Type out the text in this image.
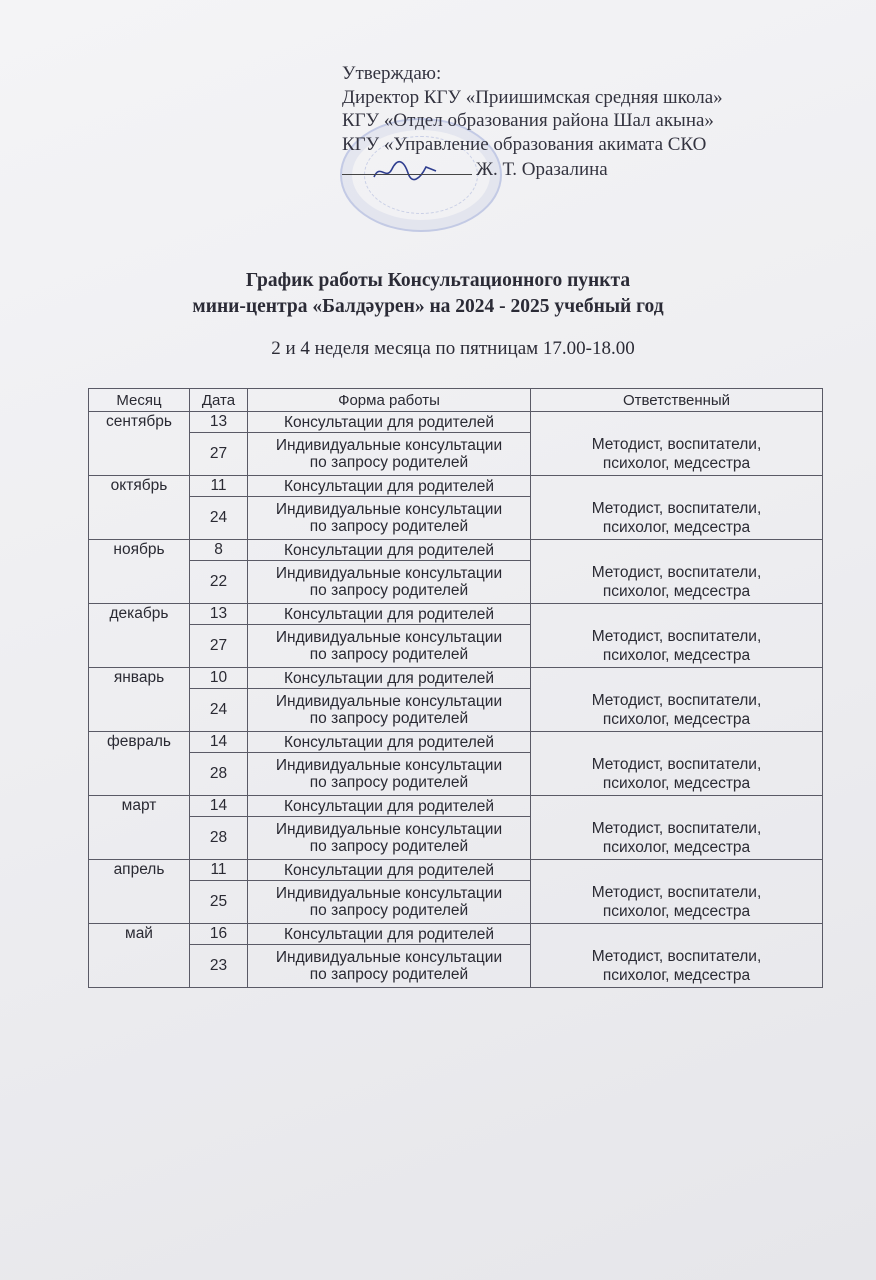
Утверждаю:
Директор КГУ «Приишимская средняя школа»
КГУ «Отдел образования района Шал акына»
КГУ «Управление образования акимата СКО
Ж. Т. Оразалина
График работы Консультационного пункта
мини-центра «Балдәурен» на 2024 - 2025 учебный год
2 и 4 неделя месяца по пятницам 17.00-18.00
Месяц	Дата	Форма работы	Ответственный
сентябрь	13	Консультации для родителей	Методист, воспитатели,
психолог, медсестра

	27	Индивидуальные консультации
по запросу родителей	

октябрь	11	Консультации для родителей	Методист, воспитатели,
психолог, медсестра

	24	Индивидуальные консультации
по запросу родителей	

ноябрь	8	Консультации для родителей	Методист, воспитатели,
психолог, медсестра

	22	Индивидуальные консультации
по запросу родителей	

декабрь	13	Консультации для родителей	Методист, воспитатели,
психолог, медсестра

	27	Индивидуальные консультации
по запросу родителей	

январь	10	Консультации для родителей	Методист, воспитатели,
психолог, медсестра

	24	Индивидуальные консультации
по запросу родителей	

февраль	14	Консультации для родителей	Методист, воспитатели,
психолог, медсестра

	28	Индивидуальные консультации
по запросу родителей	

март	14	Консультации для родителей	Методист, воспитатели,
психолог, медсестра

	28	Индивидуальные консультации
по запросу родителей	

апрель	11	Консультации для родителей	Методист, воспитатели,
психолог, медсестра

	25	Индивидуальные консультации
по запросу родителей	

май	16	Консультации для родителей	Методист, воспитатели,
психолог, медсестра

	23	Индивидуальные консультации
по запросу родителей	
